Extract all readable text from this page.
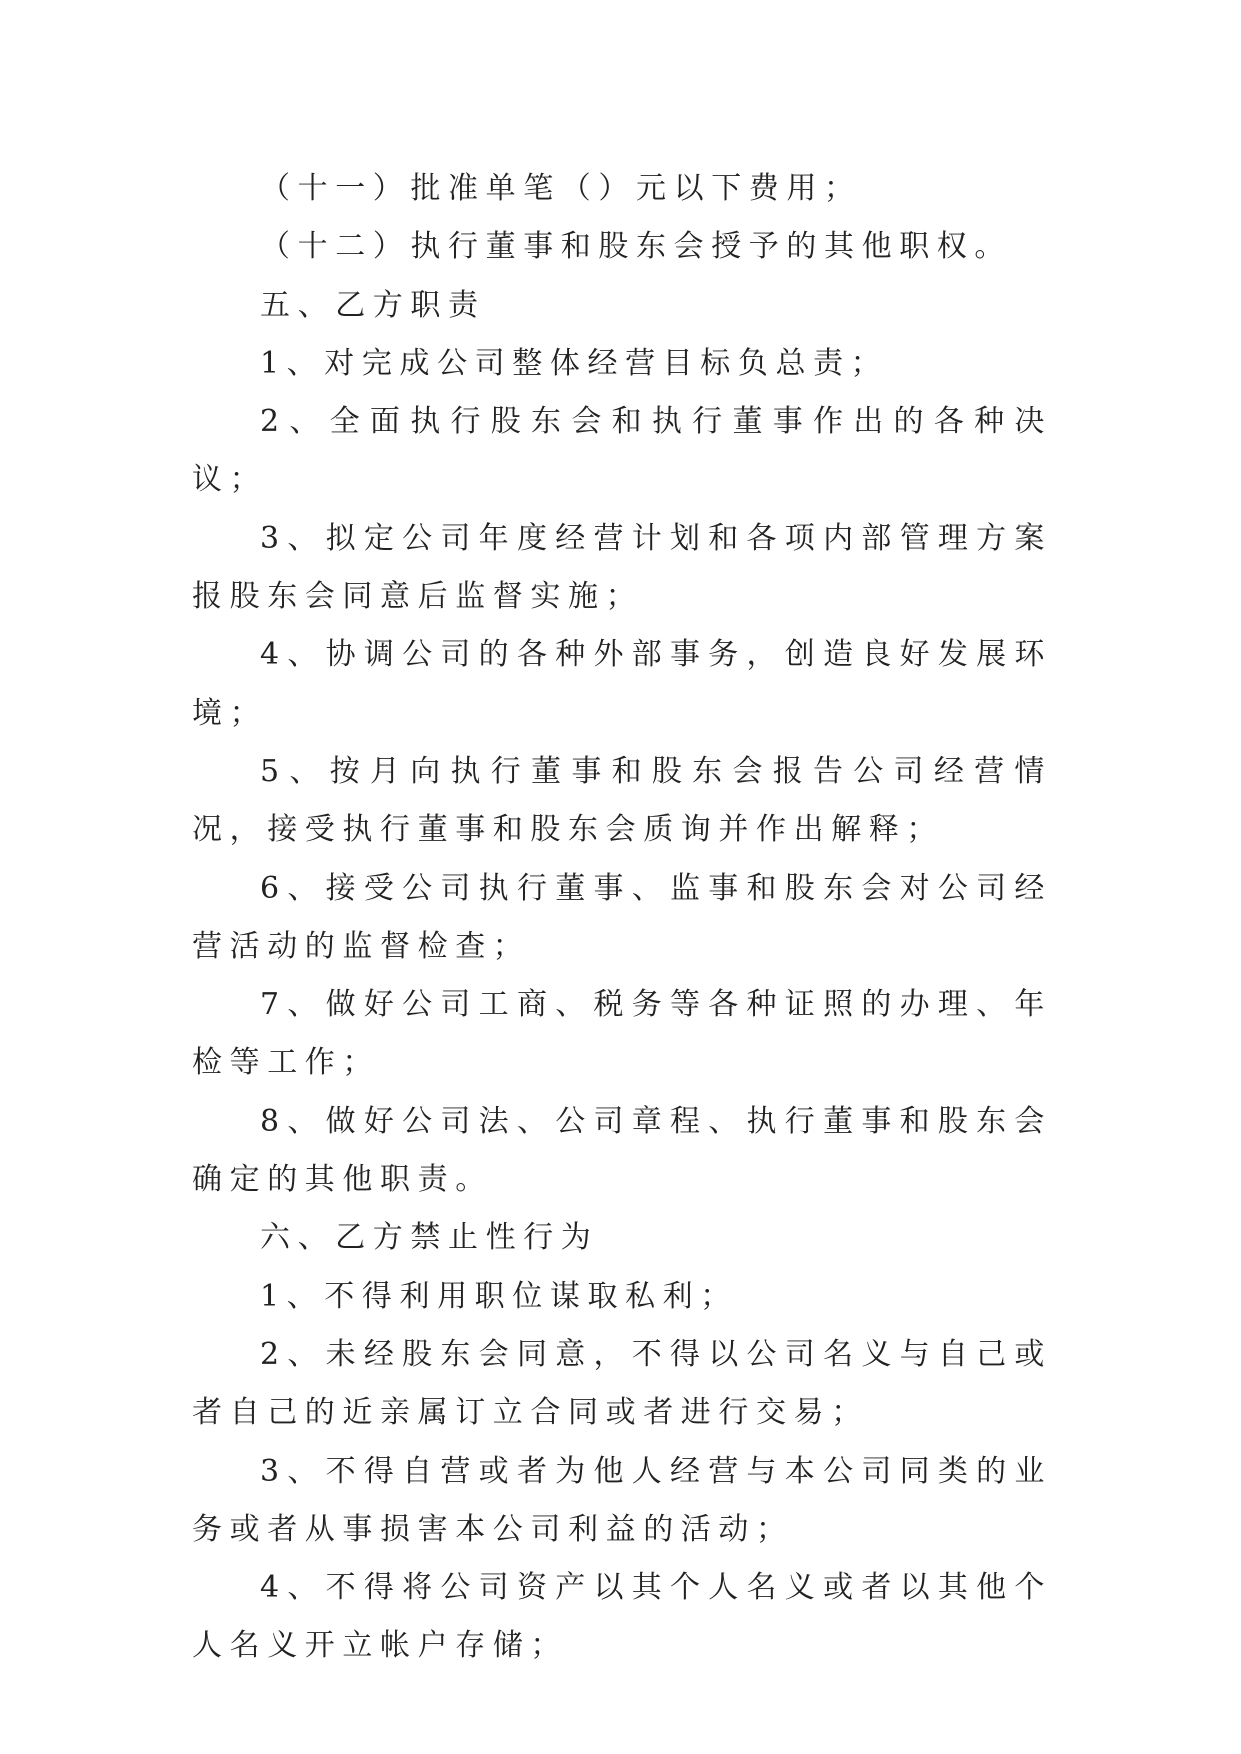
（十一）批准单笔（）元以下费用；

（十二）执行董事和股东会授予的其他职权。

五、乙方职责

1、对完成公司整体经营目标负总责；

2、全面执行股东会和执行董事作出的各种决议；

3、拟定公司年度经营计划和各项内部管理方案报股东会同意后监督实施；

4、协调公司的各种外部事务，创造良好发展环境；

5、按月向执行董事和股东会报告公司经营情况，接受执行董事和股东会质询并作出解释；

6、接受公司执行董事、监事和股东会对公司经营活动的监督检查；

7、做好公司工商、税务等各种证照的办理、年检等工作；

8、做好公司法、公司章程、执行董事和股东会确定的其他职责。

六、乙方禁止性行为

1、不得利用职位谋取私利；

2、未经股东会同意，不得以公司名义与自己或者自己的近亲属订立合同或者进行交易；

3、不得自营或者为他人经营与本公司同类的业务或者从事损害本公司利益的活动；

4、不得将公司资产以其个人名义或者以其他个人名义开立帐户存储；
